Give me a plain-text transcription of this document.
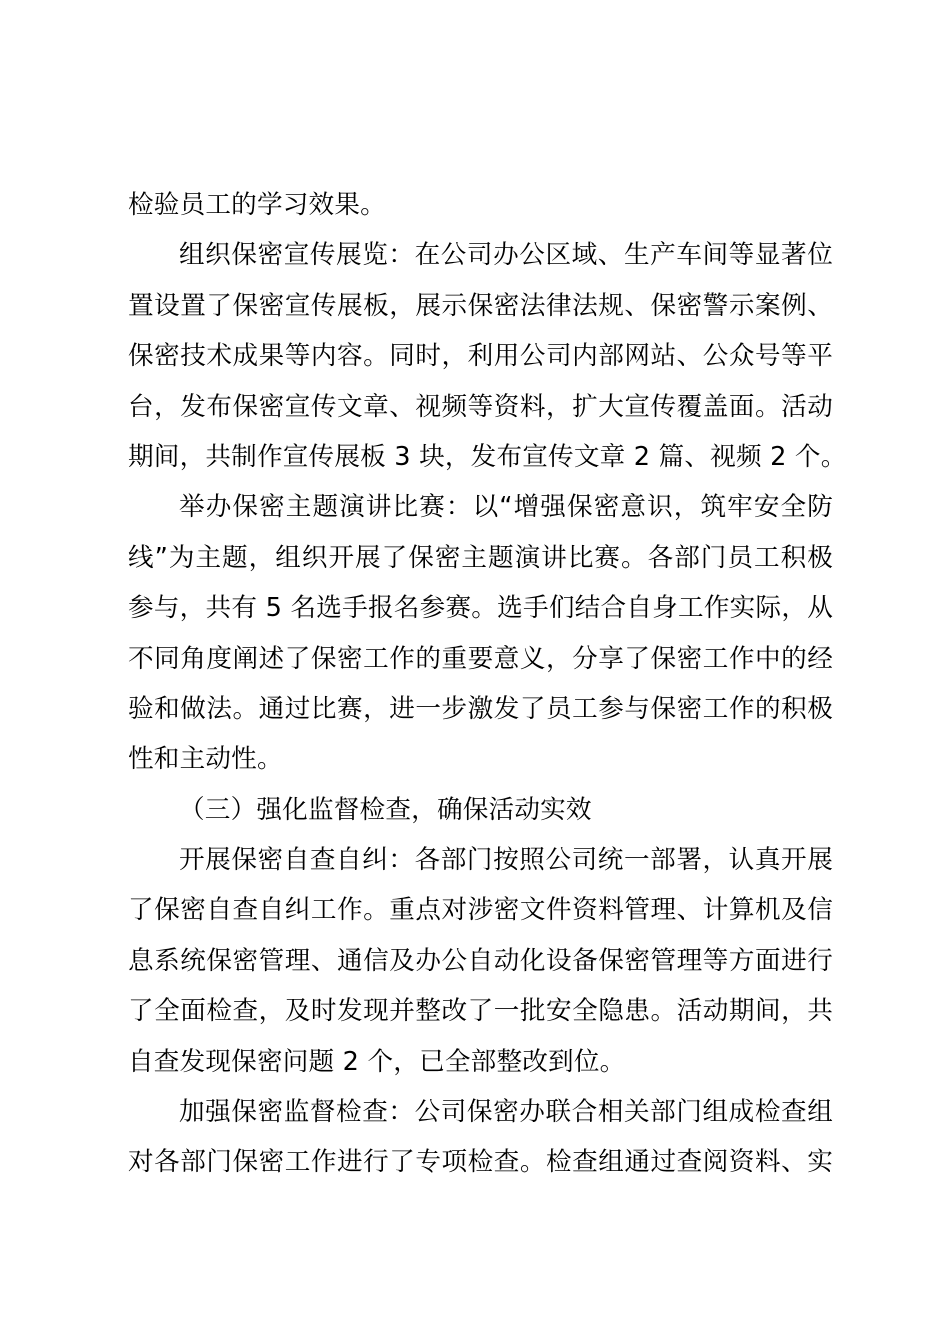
检验员工的学习效果。
组织保密宣传展览：在公司办公区域、生产车间等显著位
置设置了保密宣传展板，展示保密法律法规、保密警示案例、
保密技术成果等内容。同时，利用公司内部网站、公众号等平
台，发布保密宣传文章、视频等资料，扩大宣传覆盖面。活动
期间，共制作宣传展板 3 块，发布宣传文章 2 篇、视频 2 个。
举办保密主题演讲比赛：以“增强保密意识，筑牢安全防
线”为主题，组织开展了保密主题演讲比赛。各部门员工积极
参与，共有 5 名选手报名参赛。选手们结合自身工作实际，从
不同角度阐述了保密工作的重要意义，分享了保密工作中的经
验和做法。通过比赛，进一步激发了员工参与保密工作的积极
性和主动性。
（三）强化监督检查，确保活动实效
开展保密自查自纠：各部门按照公司统一部署，认真开展
了保密自查自纠工作。重点对涉密文件资料管理、计算机及信
息系统保密管理、通信及办公自动化设备保密管理等方面进行
了全面检查，及时发现并整改了一批安全隐患。活动期间，共
自查发现保密问题 2 个，已全部整改到位。
加强保密监督检查：公司保密办联合相关部门组成检查组
对各部门保密工作进行了专项检查。检查组通过查阅资料、实
